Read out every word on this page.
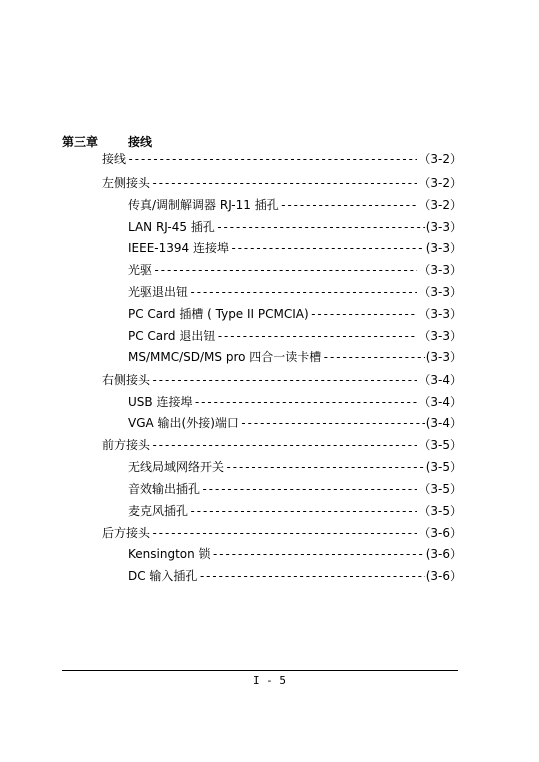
第三章 接线
接线 -----	（3-2）
左侧接头 -----	（3-2）
传真/调制解调器 RJ-11 插孔 -----	（3-2）
LAN RJ-45 插孔 -----	(3-3）
IEEE-1394 连接埠 -----	(3-3）
光驱 -----	（3-3）
光驱退出钮 -----	（3-3）
PC Card 插槽 ( Type II PCMCIA) -----	（3-3）
PC Card 退出钮 -----	（3-3）
MS/MMC/SD/MS pro 四合一读卡槽 -----	(3-3）
右侧接头 -----	（3-4）
USB 连接埠 -----	（3-4）
VGA 输出(外接)端口 -----	(3-4）
前方接头 -----	（3-5）
无线局域网络开关 -----	(3-5）
音效输出插孔 -----	（3-5）
麦克风插孔 -----	（3-5）
后方接头 -----	（3-6）
Kensington 锁 -----	(3-6）
DC 输入插孔 -----	(3-6）
I - 5
